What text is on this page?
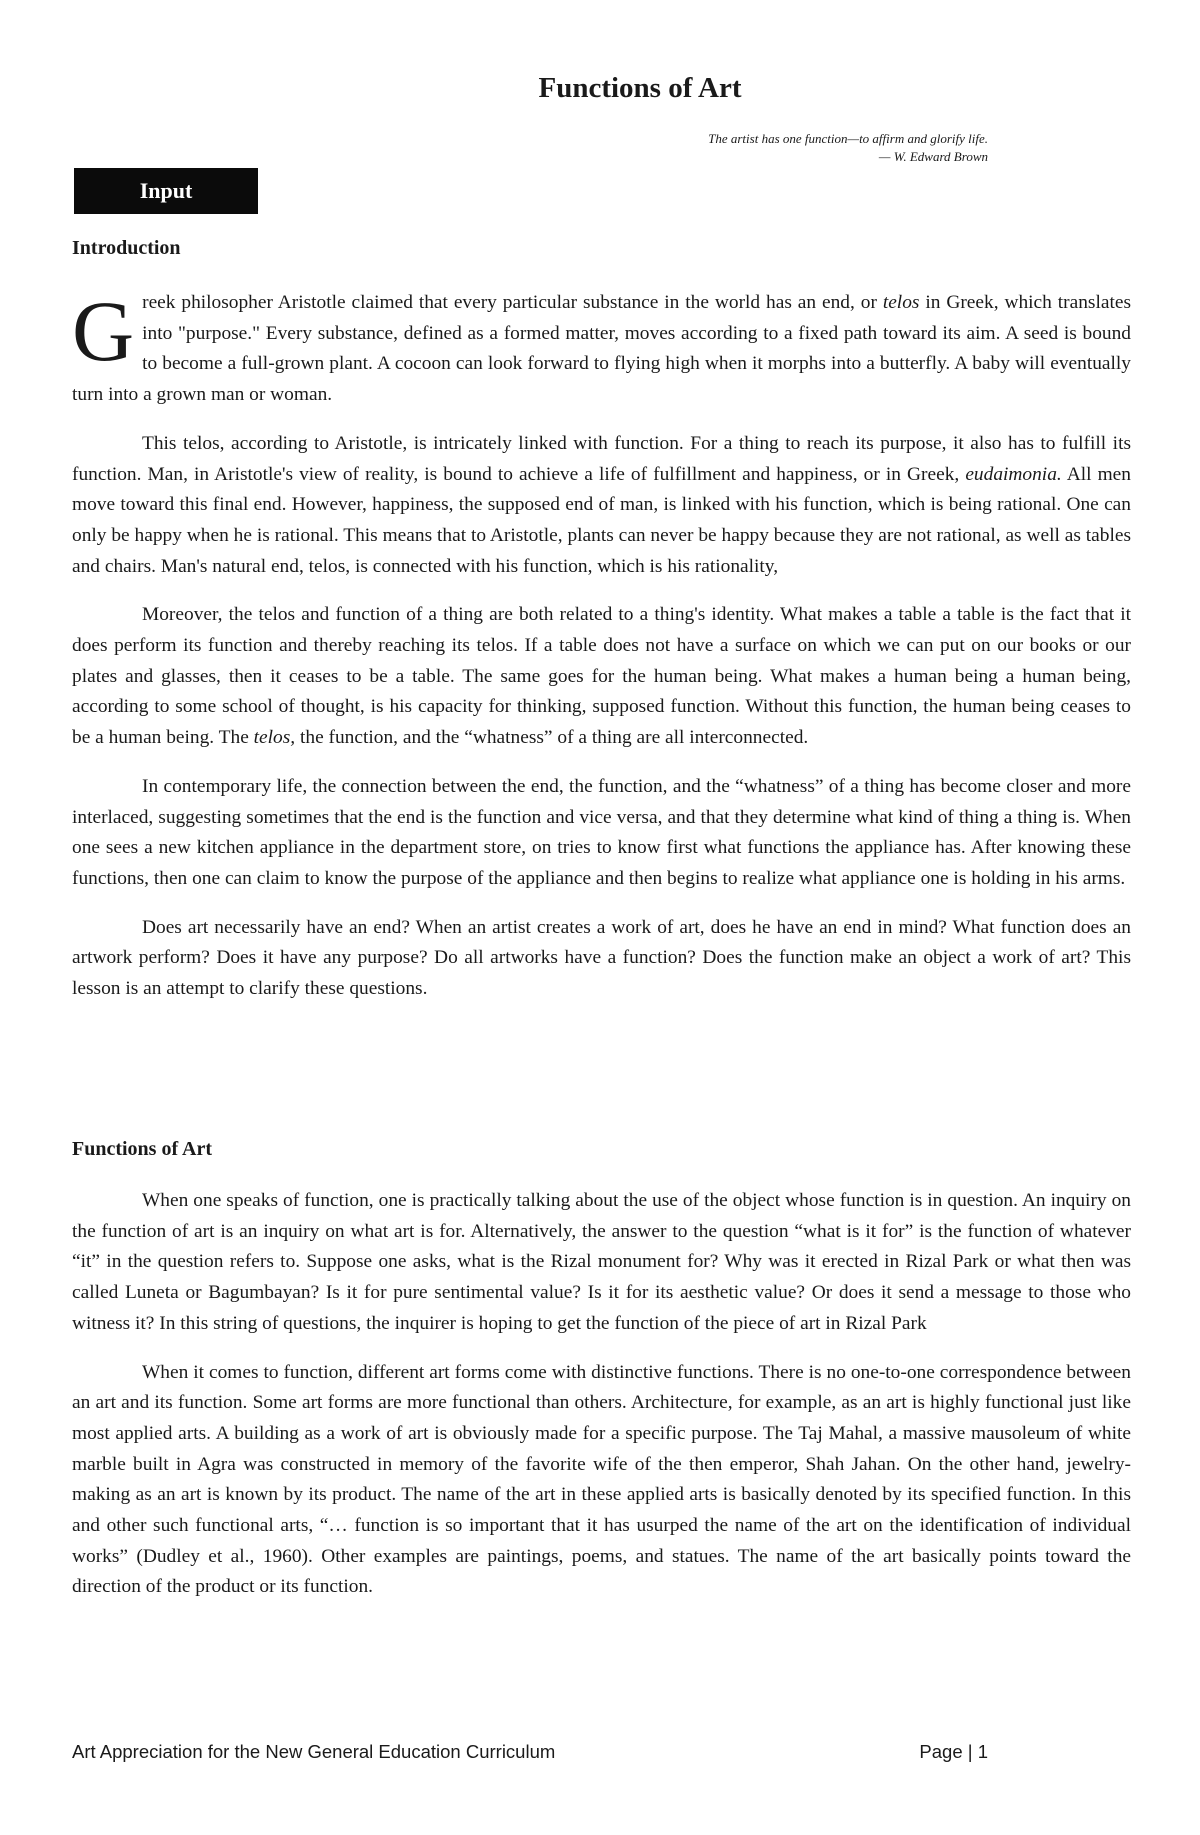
Functions of Art
The artist has one function—to affirm and glorify life.
— W. Edward Brown
Input
Introduction

Greek philosopher Aristotle claimed that every particular substance in the world has an end, or telos in Greek, which translates into "purpose." Every substance, defined as a formed matter, moves according to a fixed path toward its aim. A seed is bound to become a full-grown plant. A cocoon can look forward to flying high when it morphs into a butterfly. A baby will eventually turn into a grown man or woman.

This telos, according to Aristotle, is intricately linked with function. For a thing to reach its purpose, it also has to fulfill its function. Man, in Aristotle's view of reality, is bound to achieve a life of fulfillment and happiness, or in Greek, eudaimonia. All men move toward this final end. However, happiness, the supposed end of man, is linked with his function, which is being rational. One can only be happy when he is rational. This means that to Aristotle, plants can never be happy because they are not rational, as well as tables and chairs. Man's natural end, telos, is connected with his function, which is his rationality,

Moreover, the telos and function of a thing are both related to a thing's identity. What makes a table a table is the fact that it does perform its function and thereby reaching its telos. If a table does not have a surface on which we can put on our books or our plates and glasses, then it ceases to be a table. The same goes for the human being. What makes a human being a human being, according to some school of thought, is his capacity for thinking, supposed function. Without this function, the human being ceases to be a human being. The telos, the function, and the “whatness” of a thing are all interconnected.

In contemporary life, the connection between the end, the function, and the “whatness” of a thing has become closer and more interlaced, suggesting sometimes that the end is the function and vice versa, and that they determine what kind of thing a thing is. When one sees a new kitchen appliance in the department store, on tries to know first what functions the appliance has. After knowing these functions, then one can claim to know the purpose of the appliance and then begins to realize what appliance one is holding in his arms.

Does art necessarily have an end? When an artist creates a work of art, does he have an end in mind? What function does an artwork perform? Does it have any purpose? Do all artworks have a function? Does the function make an object a work of art? This lesson is an attempt to clarify these questions.

Functions of Art

When one speaks of function, one is practically talking about the use of the object whose function is in question. An inquiry on the function of art is an inquiry on what art is for. Alternatively, the answer to the question “what is it for” is the function of whatever “it” in the question refers to. Suppose one asks, what is the Rizal monument for? Why was it erected in Rizal Park or what then was called Luneta or Bagumbayan? Is it for pure sentimental value? Is it for its aesthetic value? Or does it send a message to those who witness it? In this string of questions, the inquirer is hoping to get the function of the piece of art in Rizal Park

When it comes to function, different art forms come with distinctive functions. There is no one-to-one correspondence between an art and its function. Some art forms are more functional than others. Architecture, for example, as an art is highly functional just like most applied arts. A building as a work of art is obviously made for a specific purpose. The Taj Mahal, a massive mausoleum of white marble built in Agra was constructed in memory of the favorite wife of the then emperor, Shah Jahan. On the other hand, jewelry-making as an art is known by its product. The name of the art in these applied arts is basically denoted by its specified function. In this and other such functional arts, “… function is so important that it has usurped the name of the art on the identification of individual works” (Dudley et al., 1960). Other examples are paintings, poems, and statues. The name of the art basically points toward the direction of the product or its function.

Art Appreciation for the New General Education Curriculum	Page | 1
